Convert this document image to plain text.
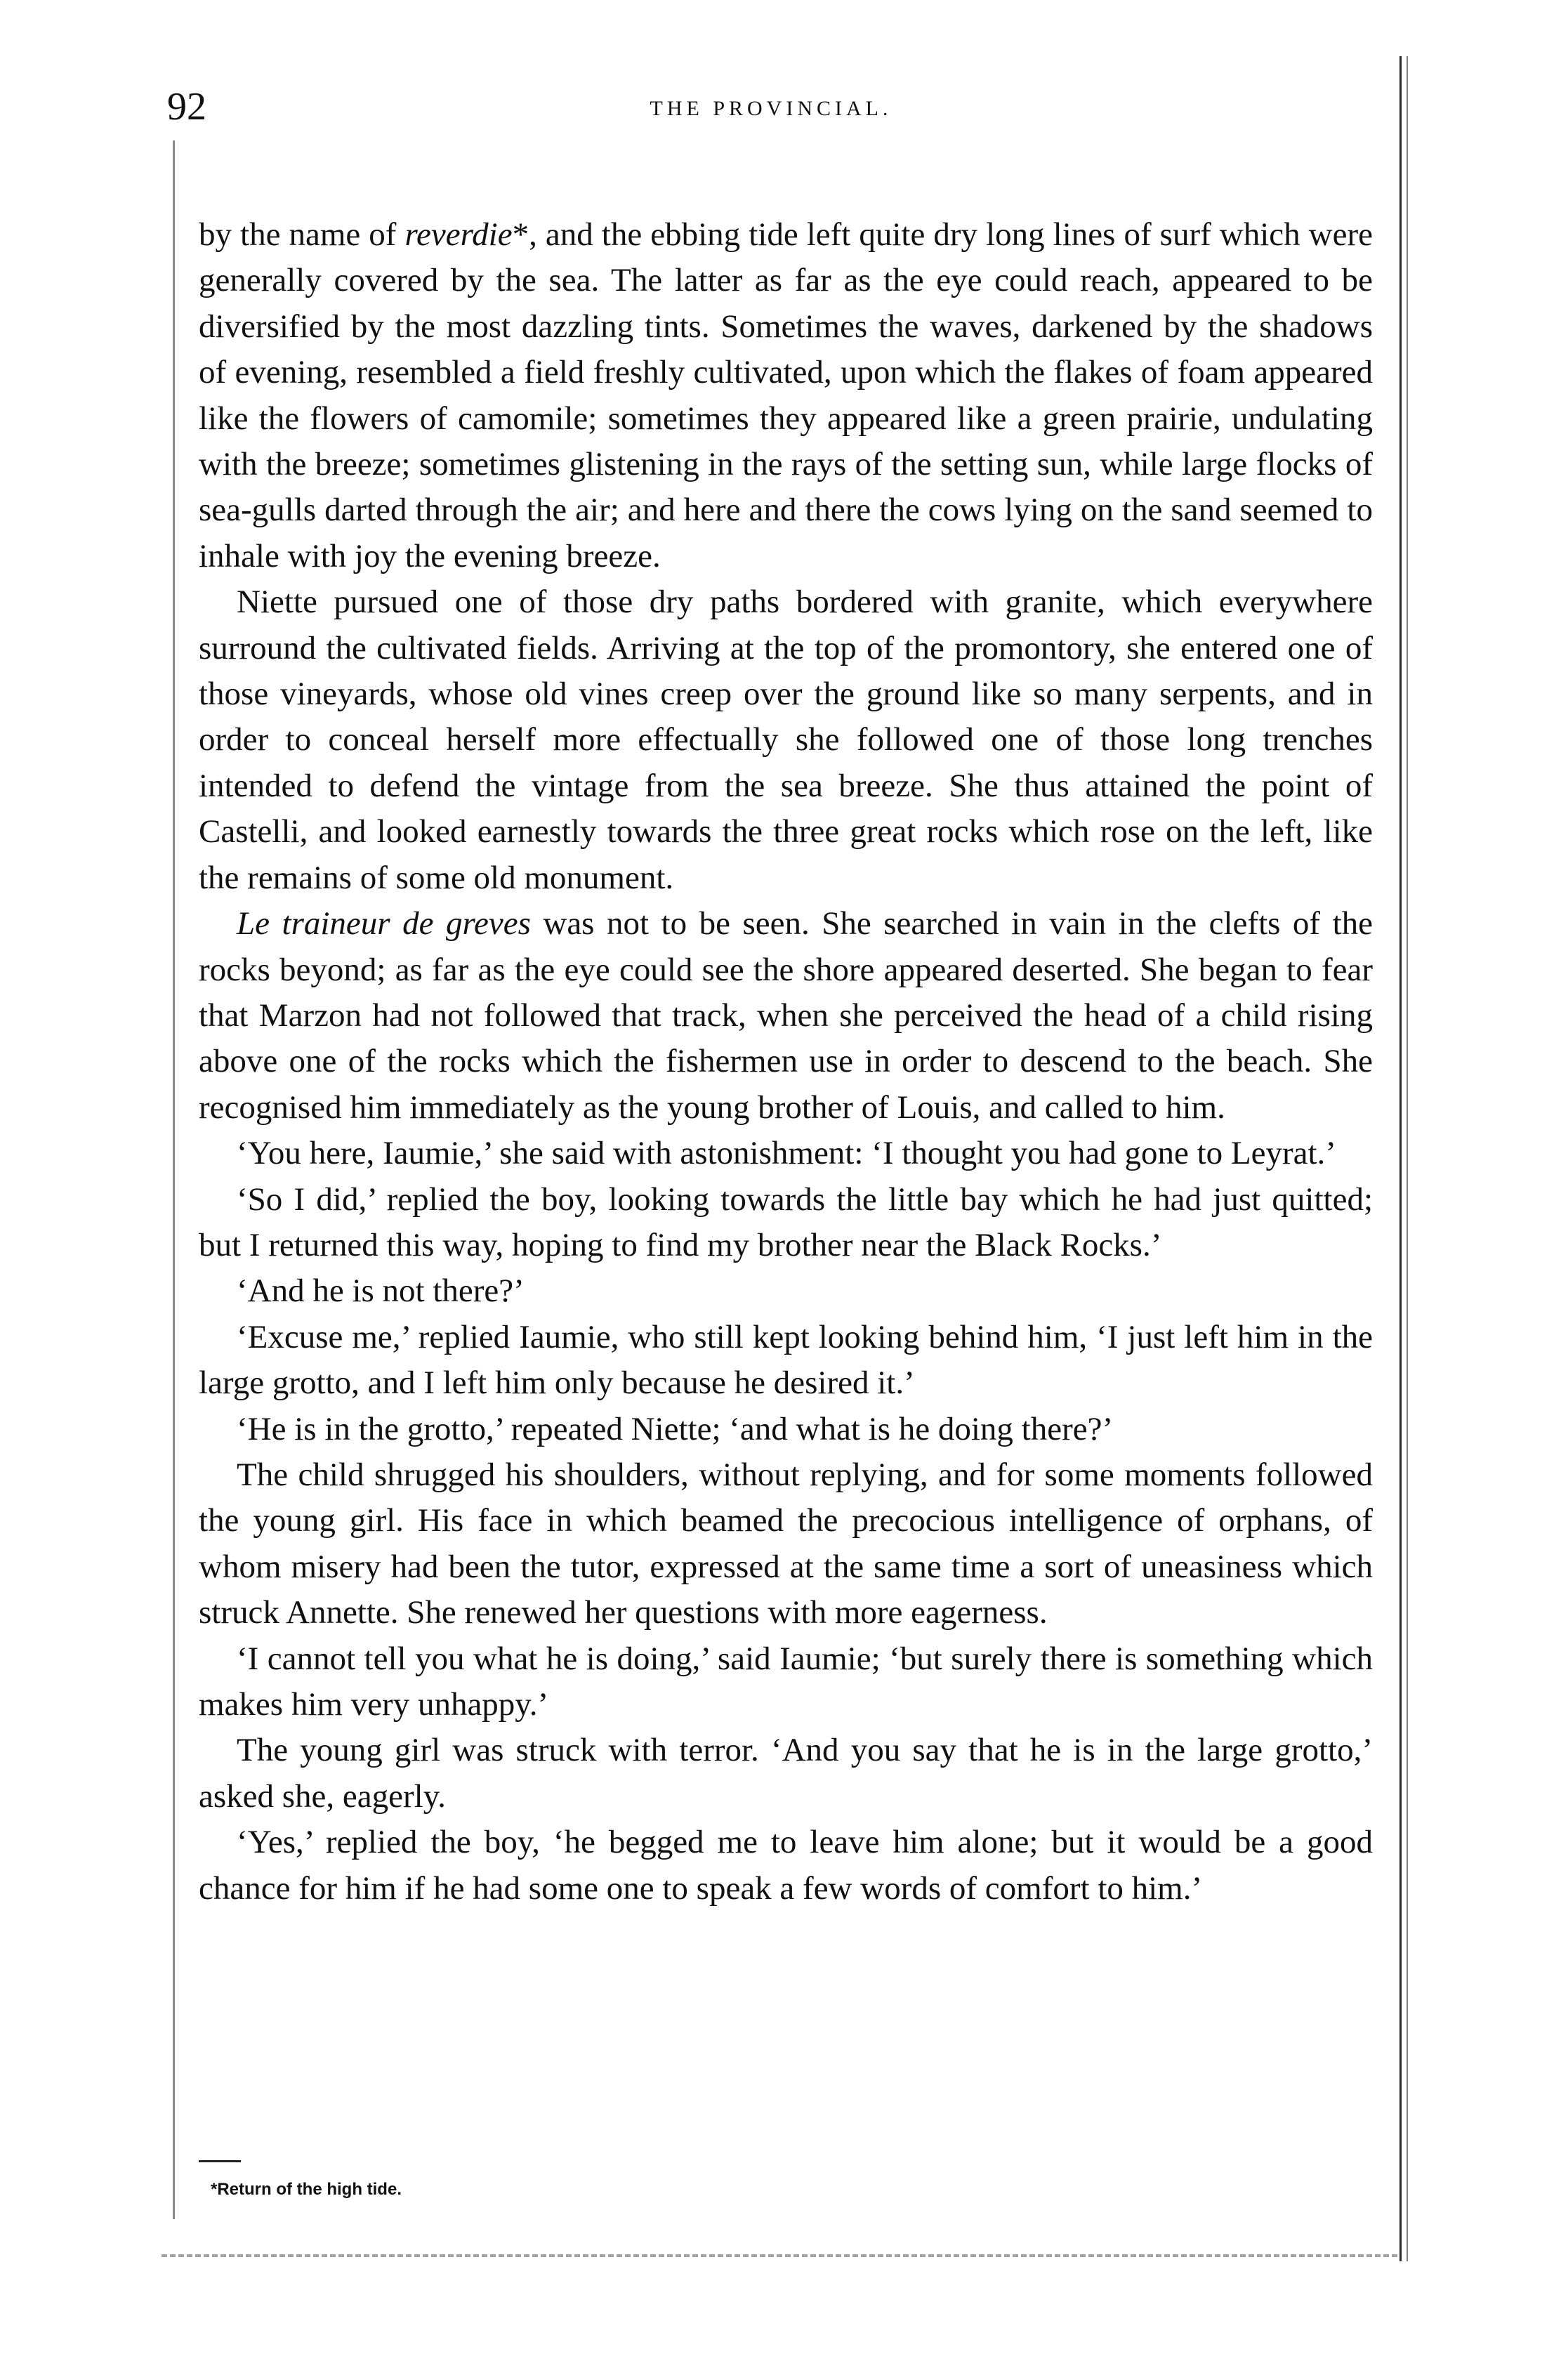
92	THE PROVINCIAL.

by the name of reverdie*, and the ebbing tide left quite dry long lines of surf which were generally covered by the sea. The latter as far as the eye could reach, appeared to be diversified by the most dazzling tints. Sometimes the waves, darkened by the shadows of evening, resembled a field freshly cultivated, upon which the flakes of foam appeared like the flowers of camomile; sometimes they appeared like a green prairie, undulating with the breeze; sometimes glistening in the rays of the setting sun, while large flocks of sea-gulls darted through the air; and here and there the cows lying on the sand seemed to inhale with joy the evening breeze.

Niette pursued one of those dry paths bordered with granite, which everywhere surround the cultivated fields. Arriving at the top of the promontory, she entered one of those vineyards, whose old vines creep over the ground like so many serpents, and in order to conceal herself more effectually she followed one of those long trenches intended to defend the vintage from the sea breeze. She thus attained the point of Castelli, and looked earnestly towards the three great rocks which rose on the left, like the remains of some old monument.

Le traineur de greves was not to be seen. She searched in vain in the clefts of the rocks beyond; as far as the eye could see the shore appeared deserted. She began to fear that Marzon had not followed that track, when she perceived the head of a child rising above one of the rocks which the fishermen use in order to descend to the beach. She recognised him immediately as the young brother of Louis, and called to him.

‘You here, Iaumie,’ she said with astonishment: ‘I thought you had gone to Leyrat.’

‘So I did,’ replied the boy, looking towards the little bay which he had just quitted; but I returned this way, hoping to find my brother near the Black Rocks.’

‘And he is not there?’

‘Excuse me,’ replied Iaumie, who still kept looking behind him, ‘I just left him in the large grotto, and I left him only because he desired it.’

‘He is in the grotto,’ repeated Niette; ‘and what is he doing there?’

The child shrugged his shoulders, without replying, and for some moments followed the young girl. His face in which beamed the precocious intelligence of orphans, of whom misery had been the tutor, expressed at the same time a sort of uneasiness which struck Annette. She renewed her questions with more eagerness.

‘I cannot tell you what he is doing,’ said Iaumie; ‘but surely there is something which makes him very unhappy.’

The young girl was struck with terror. ‘And you say that he is in the large grotto,’ asked she, eagerly.

‘Yes,’ replied the boy, ‘he begged me to leave him alone; but it would be a good chance for him if he had some one to speak a few words of comfort to him.’

*Return of the high tide.
